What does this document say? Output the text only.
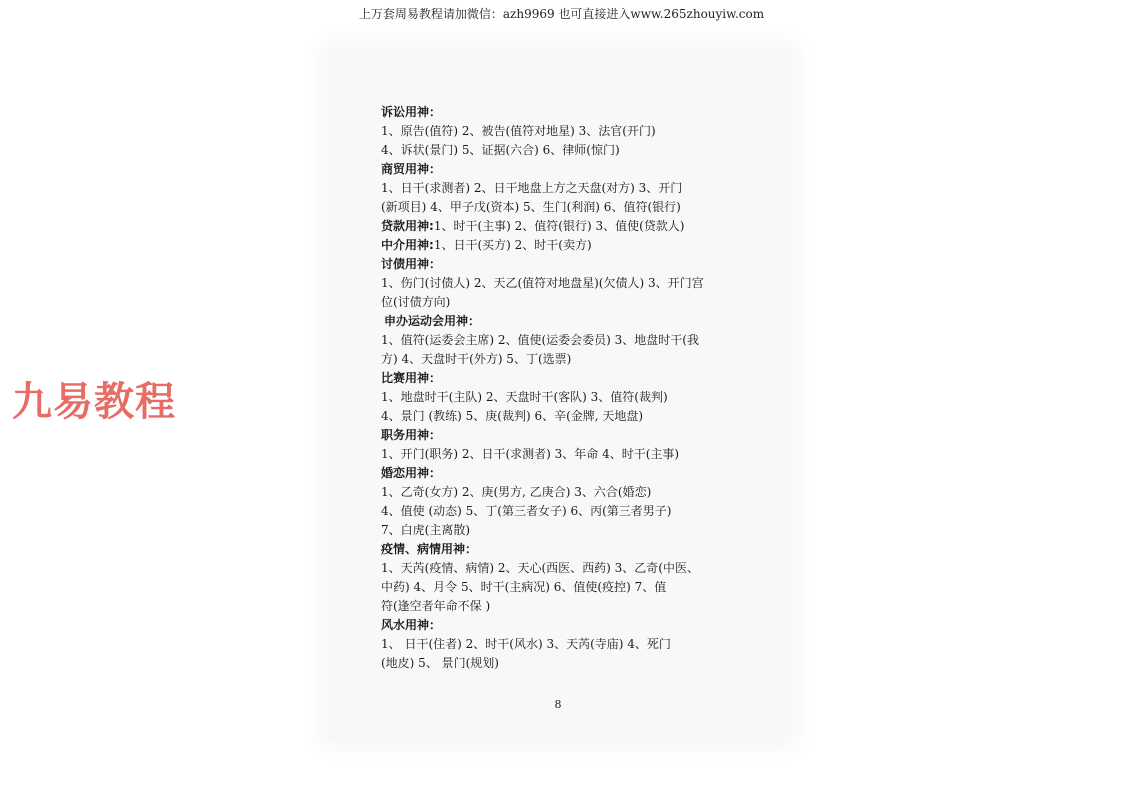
上万套周易教程请加微信：azh9969 也可直接进入www.265zhouyiw.com
诉讼用神：
1、原告(值符) 2、被告(值符对地星) 3、法官(开门)
4、诉状(景门) 5、证据(六合) 6、律师(惊门)
商贸用神：
1、日干(求测者) 2、日干地盘上方之天盘(对方) 3、开门
(新项目) 4、甲子戊(资本) 5、生门(利润) 6、值符(银行)
贷款用神:1、时干(主事) 2、值符(银行) 3、值使(贷款人)
中介用神:1、日干(买方) 2、时干(卖方)
讨债用神：
1、伤门(讨债人) 2、天乙(值符对地盘星)(欠债人) 3、开门宫
位(讨债方向)
申办运动会用神：
1、值符(运委会主席) 2、值使(运委会委员) 3、地盘时干(我
方) 4、天盘时干(外方) 5、丁(选票)
比赛用神：
1、地盘时干(主队) 2、天盘时干(客队) 3、值符(裁判)
4、景门 (教练) 5、庚(裁判) 6、辛(金牌, 天地盘)
职务用神：
1、开门(职务) 2、日干(求测者) 3、年命 4、时干(主事)
婚恋用神：
1、乙奇(女方) 2、庚(男方, 乙庚合) 3、六合(婚恋)
4、值使 (动态) 5、丁(第三者女子) 6、丙(第三者男子)
7、白虎(主离散)
疫情、病情用神：
1、天芮(疫情、病情) 2、天心(西医、西药) 3、乙奇(中医、
中药) 4、月令 5、时干(主病况) 6、值使(疫控) 7、值
符(逢空者年命不保 )
风水用神：
1、 日干(住者) 2、时干(风水) 3、天芮(寺庙) 4、死门
(地皮) 5、 景门(规划)
8
九易教程
